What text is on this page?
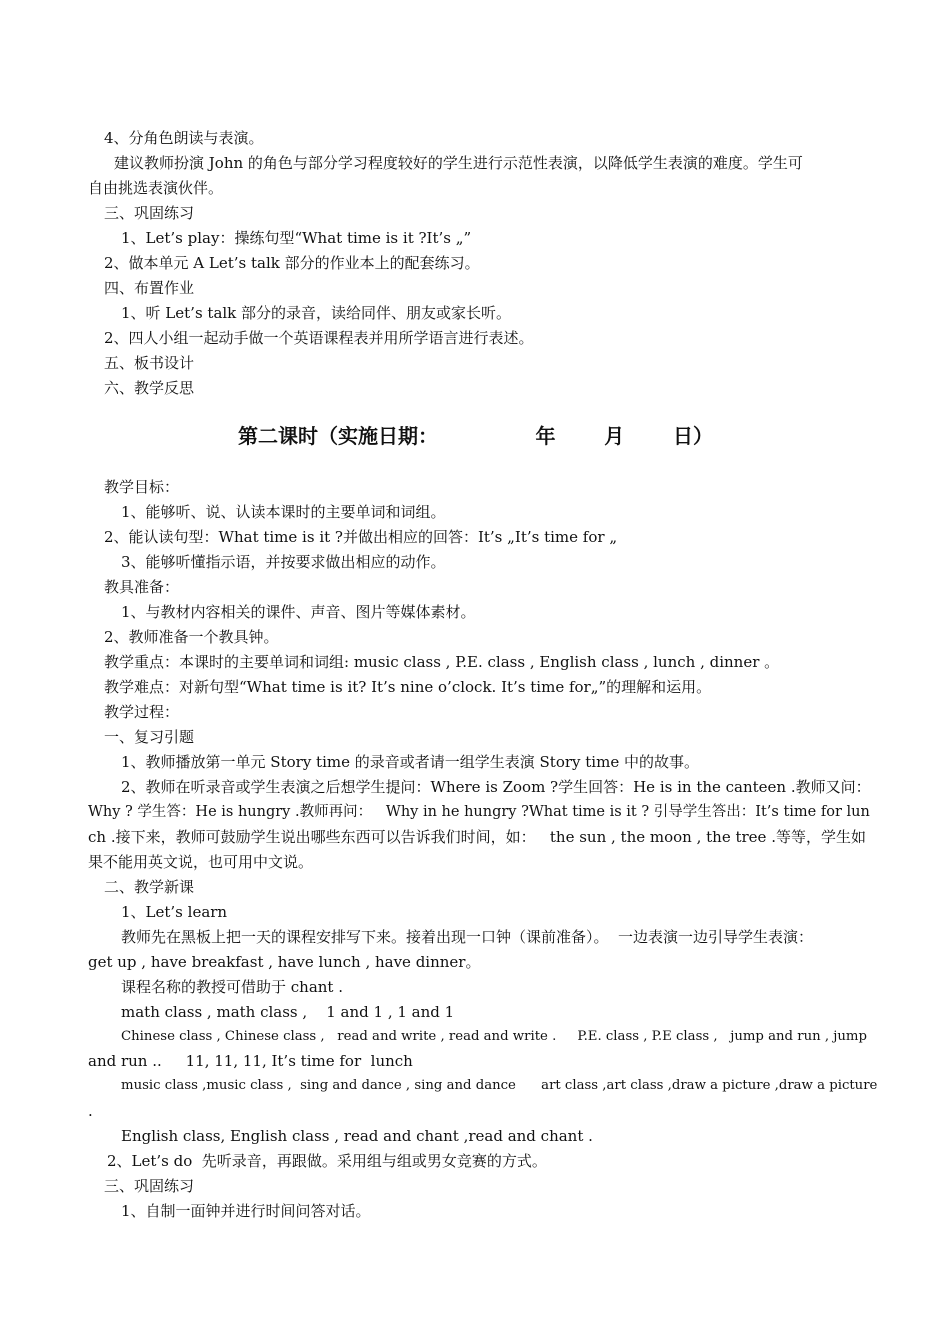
4、分角色朗读与表演。
建议教师扮演 John 的角色与部分学习程度较好的学生进行示范性表演，以降低学生表演的难度。学生可
自由挑选表演伙伴。
三、巩固练习
1、Let’s play：操练句型“What time is it ?It’s „”
2、做本单元 A Let’s talk 部分的作业本上的配套练习。
四、布置作业
1、听 Let’s talk 部分的录音，读给同伴、朋友或家长听。
2、四人小组一起动手做一个英语课程表并用所学语言进行表述。
五、板书设计
六、教学反思
第二课时（实施日期：              年       月       日）
教学目标：
1、能够听、说、认读本课时的主要单词和词组。
2、能认读句型：What time is it ?并做出相应的回答：It’s „It’s time for „
3、能够听懂指示语，并按要求做出相应的动作。
教具准备：
1、与教材内容相关的课件、声音、图片等媒体素材。
2、教师准备一个教具钟。
教学重点：本课时的主要单词和词组: music class , P.E. class , English class , lunch , dinner 。
教学难点：对新句型“What time is it? It’s nine o’clock. It’s time for„”的理解和运用。
教学过程：
一、复习引题
1、教师播放第一单元 Story time 的录音或者请一组学生表演 Story time 中的故事。
2、教师在听录音或学生表演之后想学生提问：Where is Zoom ?学生回答：He is in the canteen .教师又问：
Why ? 学生答：He is hungry .教师再问：   Why in he hungry ?What time is it ? 引导学生答出：It’s time for lun
ch .接下来，教师可鼓励学生说出哪些东西可以告诉我们时间，如：   the sun , the moon , the tree .等等，学生如
果不能用英文说，也可用中文说。
二、教学新课
1、Let’s learn
教师先在黑板上把一天的课程安排写下来。接着出现一口钟（课前准备）。  一边表演一边引导学生表演：
get up , have breakfast , have lunch , have dinner。
课程名称的教授可借助于 chant .
math class , math class ,    1 and 1 , 1 and 1
Chinese class , Chinese class ,   read and write , read and write .     P.E. class , P.E class ,   jump and run , jump
and run ..     11, 11, 11, It’s time for  lunch
music class ,music class ,  sing and dance , sing and dance      art class ,art class ,draw a picture ,draw a picture
.
English class, English class , read and chant ,read and chant .
2、Let’s do  先听录音，再跟做。采用组与组或男女竞赛的方式。
三、巩固练习
1、自制一面钟并进行时间问答对话。
